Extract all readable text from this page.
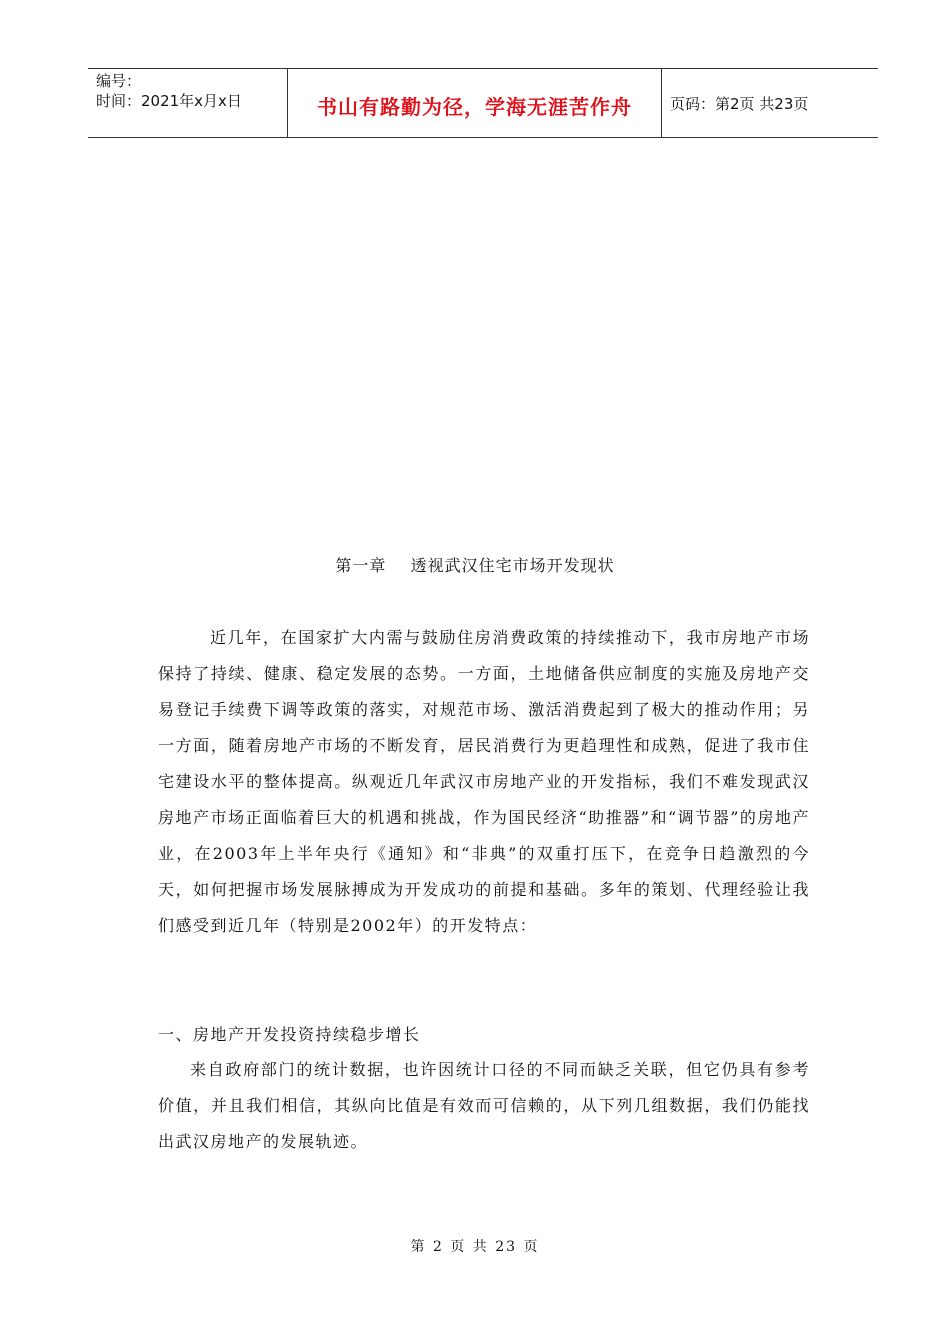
编号：
时间：2021年x月x日	书山有路勤为径，学海无涯苦作舟	页码：第2页 共23页
第一章    透视武汉住宅市场开发现状

近几年，在国家扩大内需与鼓励住房消费政策的持续推动下，我市房地产市场保持了持续、健康、稳定发展的态势。一方面，土地储备供应制度的实施及房地产交易登记手续费下调等政策的落实，对规范市场、激活消费起到了极大的推动作用；另一方面，随着房地产市场的不断发育，居民消费行为更趋理性和成熟，促进了我市住宅建设水平的整体提高。纵观近几年武汉市房地产业的开发指标，我们不难发现武汉房地产市场正面临着巨大的机遇和挑战，作为国民经济“助推器”和“调节器”的房地产业，在2003年上半年央行《通知》和“非典”的双重打压下，在竞争日趋激烈的今天，如何把握市场发展脉搏成为开发成功的前提和基础。多年的策划、代理经验让我们感受到近几年（特别是2002年）的开发特点：

一、房地产开发投资持续稳步增长

来自政府部门的统计数据，也许因统计口径的不同而缺乏关联，但它仍具有参考价值，并且我们相信，其纵向比值是有效而可信赖的，从下列几组数据，我们仍能找出武汉房地产的发展轨迹。

第 2 页 共 23 页
